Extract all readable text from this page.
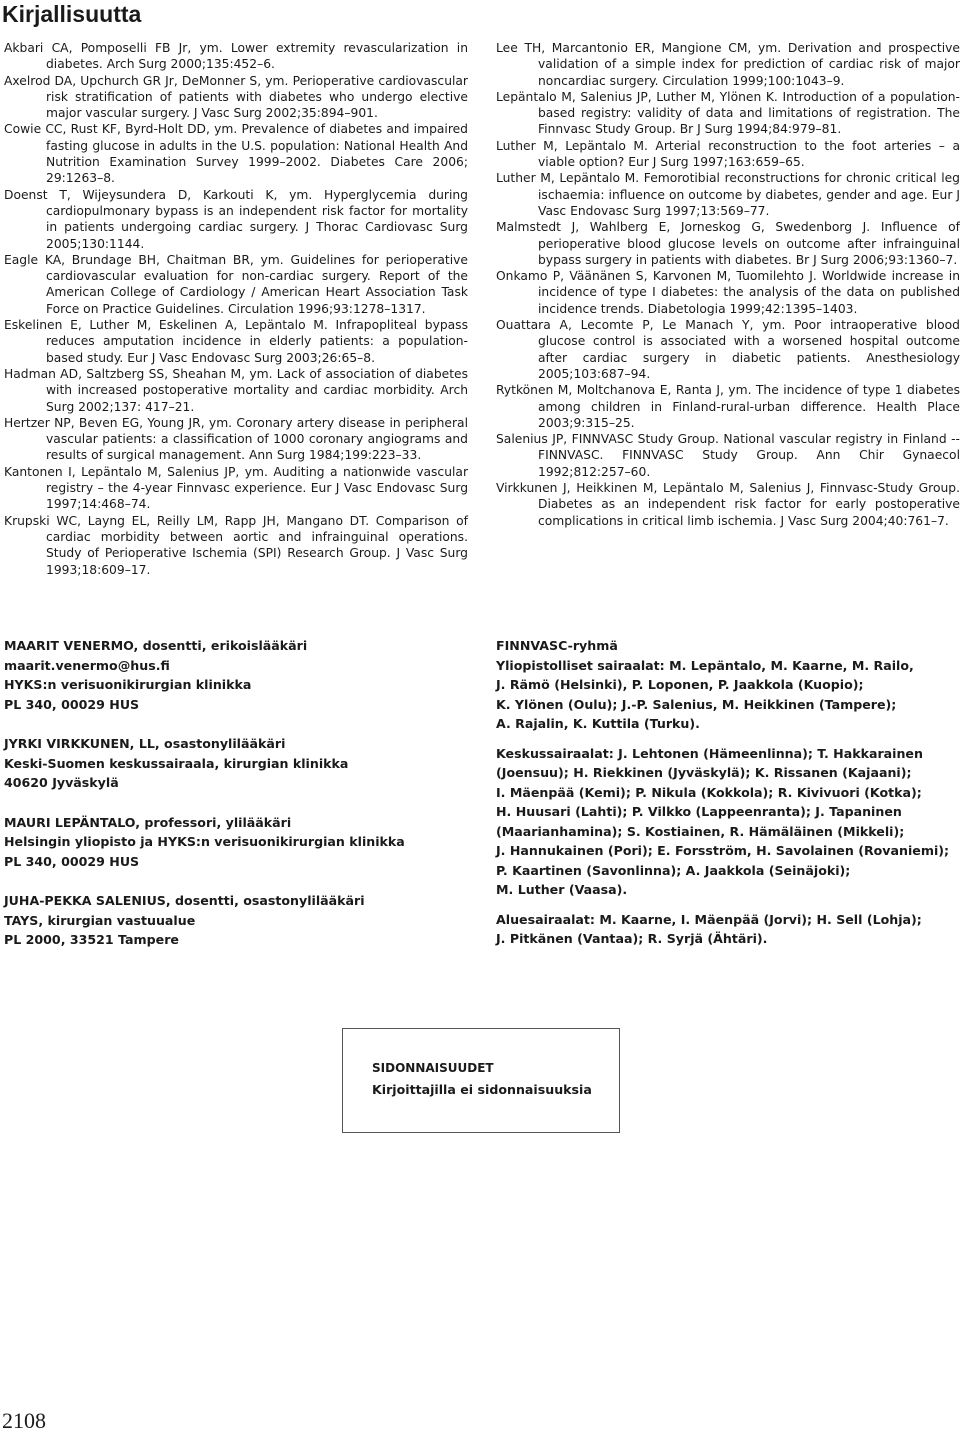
Kirjallisuutta

Akbari CA, Pomposelli FB Jr, ym. Lower extremity revascularization in diabetes. Arch Surg 2000;135:452–6.

Axelrod DA, Upchurch GR Jr, DeMonner S, ym. Perioperative cardiovascular risk stratification of patients with diabetes who undergo elective major vascular surgery. J Vasc Surg 2002;35:894–901.

Cowie CC, Rust KF, Byrd-Holt DD, ym. Prevalence of diabetes and impaired fasting glucose in adults in the U.S. population: National Health And Nutrition Examination Survey 1999–2002. Diabetes Care 2006; 29:1263–8.

Doenst T, Wijeysundera D, Karkouti K, ym. Hyperglycemia during cardiopulmonary bypass is an independent risk factor for mortality in patients undergoing cardiac surgery. J Thorac Cardiovasc Surg 2005;130:1144.

Eagle KA, Brundage BH, Chaitman BR, ym. Guidelines for perioperative cardiovascular evaluation for non-cardiac surgery. Report of the American College of Cardiology / American Heart Association Task Force on Practice Guidelines. Circulation 1996;93:1278–1317.

Eskelinen E, Luther M, Eskelinen A, Lepäntalo M. Infrapopliteal bypass reduces amputation incidence in elderly patients: a population-based study. Eur J Vasc Endovasc Surg 2003;26:65–8.

Hadman AD, Saltzberg SS, Sheahan M, ym. Lack of association of diabetes with increased postoperative mortality and cardiac morbidity. Arch Surg 2002;137: 417–21.

Hertzer NP, Beven EG, Young JR, ym. Coronary artery disease in peripheral vascular patients: a classification of 1000 coronary angiograms and results of surgical management. Ann Surg 1984;199:223–33.

Kantonen I, Lepäntalo M, Salenius JP, ym. Auditing a nationwide vascular registry – the 4-year Finnvasc experience. Eur J Vasc Endovasc Surg 1997;14:468–74.

Krupski WC, Layng EL, Reilly LM, Rapp JH, Mangano DT. Comparison of cardiac morbidity between aortic and infrainguinal operations. Study of Perioperative Ischemia (SPI) Research Group. J Vasc Surg 1993;18:609–17.

Lee TH, Marcantonio ER, Mangione CM, ym. Derivation and prospective validation of a simple index for prediction of cardiac risk of major noncardiac surgery. Circulation 1999;100:1043–9.

Lepäntalo M, Salenius JP, Luther M, Ylönen K. Introduction of a population-based registry: validity of data and limitations of registration. The Finnvasc Study Group. Br J Surg 1994;84:979–81.

Luther M, Lepäntalo M. Arterial reconstruction to the foot arteries – a viable option? Eur J Surg 1997;163:659–65.

Luther M, Lepäntalo M. Femorotibial reconstructions for chronic critical leg ischaemia: influence on outcome by diabetes, gender and age. Eur J Vasc Endovasc Surg 1997;13:569–77.

Malmstedt J, Wahlberg E, Jorneskog G, Swedenborg J. Influence of perioperative blood glucose levels on outcome after infrainguinal bypass surgery in patients with diabetes. Br J Surg 2006;93:1360–7.

Onkamo P, Väänänen S, Karvonen M, Tuomilehto J. Worldwide increase in incidence of type I diabetes: the analysis of the data on published incidence trends. Diabetologia 1999;42:1395–1403.

Ouattara A, Lecomte P, Le Manach Y, ym. Poor intraoperative blood glucose control is associated with a worsened hospital outcome after cardiac surgery in diabetic patients. Anesthesiology 2005;103:687–94.

Rytkönen M, Moltchanova E, Ranta J, ym. The incidence of type 1 diabetes among children in Finland-rural-urban difference. Health Place 2003;9:315–25.

Salenius JP, FINNVASC Study Group. National vascular registry in Finland -- FINNVASC. FINNVASC Study Group. Ann Chir Gynaecol 1992;812:257–60.

Virkkunen J, Heikkinen M, Lepäntalo M, Salenius J, Finnvasc-Study Group. Diabetes as an independent risk factor for early postoperative complications in critical limb ischemia. J Vasc Surg 2004;40:761–7.

MAARIT VENERMO, dosentti, erikoislääkäri
maarit.venermo@hus.fi
HYKS:n verisuonikirurgian klinikka
PL 340, 00029 HUS
JYRKI VIRKKUNEN, LL, osastonylilääkäri
Keski-Suomen keskussairaala, kirurgian klinikka
40620 Jyväskylä
MAURI LEPÄNTALO, professori, ylilääkäri
Helsingin yliopisto ja HYKS:n verisuonikirurgian klinikka
PL 340, 00029 HUS
JUHA-PEKKA SALENIUS, dosentti, osastonylilääkäri
TAYS, kirurgian vastuualue
PL 2000, 33521 Tampere
FINNVASC-ryhmä
Yliopistolliset sairaalat: M. Lepäntalo, M. Kaarne, M. Railo,
J. Rämö (Helsinki), P. Loponen, P. Jaakkola (Kuopio);
K. Ylönen (Oulu); J.-P. Salenius, M. Heikkinen (Tampere);
A. Rajalin, K. Kuttila (Turku).
Keskussairaalat: J. Lehtonen (Hämeenlinna); T. Hakkarainen
(Joensuu); H. Riekkinen (Jyväskylä); K. Rissanen (Kajaani);
I. Mäenpää (Kemi); P. Nikula (Kokkola); R. Kivivuori (Kotka);
H. Huusari (Lahti); P. Vilkko (Lappeenranta); J. Tapaninen
(Maarianhamina); S. Kostiainen, R. Hämäläinen (Mikkeli);
J. Hannukainen (Pori); E. Forsström, H. Savolainen (Rovaniemi);
P. Kaartinen (Savonlinna); A. Jaakkola (Seinäjoki);
M. Luther (Vaasa).
Aluesairaalat: M. Kaarne, I. Mäenpää (Jorvi); H. Sell (Lohja);
J. Pitkänen (Vantaa); R. Syrjä (Ähtäri).
SIDONNAISUUDET
Kirjoittajilla ei sidonnaisuuksia
2108
